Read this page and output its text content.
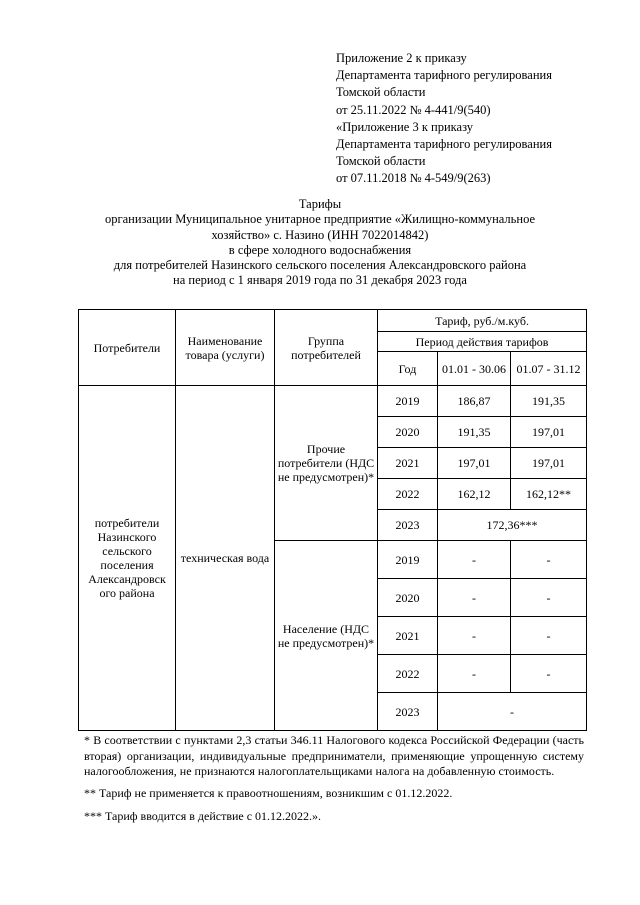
Приложение 2 к приказу
Департамента тарифного регулирования
Томской области
от 25.11.2022 № 4-441/9(540)
«Приложение 3 к приказу
Департамента тарифного регулирования
Томской области
от 07.11.2018 № 4-549/9(263)
Тарифы
организации Муниципальное унитарное предприятие «Жилищно-коммунальное
хозяйство» с. Назино (ИНН 7022014842)
в сфере холодного водоснабжения
для потребителей Назинского сельского поселения Александровского района
на период с 1 января 2019 года по 31 декабря 2023 года
Потребители	Наименование товара (услуги)	Группа потребителей	Тариф, руб./м.куб.		
			Период действия тарифов		
			Год	01.01 - 30.06	01.07 - 31.12
потребители Назинского сельского поселения Александровск ого района	техническая вода	Прочие потребители (НДС не предусмотрен)*	2019	186,87	191,35
			2020	191,35	197,01
			2021	197,01	197,01
			2022	162,12	162,12**
			2023	172,36***	
		Население (НДС не предусмотрен)*	2019	-	-
			2020	-	-
			2021	-	-
			2022	-	-
			2023	-	

* В соответствии с пунктами 2,3 статьи 346.11 Налогового кодекса Российской Федерации (часть вторая) организации, индивидуальные предприниматели, применяющие упрощенную систему налогообложения, не признаются налогоплательщиками налога на добавленную стоимость.

** Тариф не применяется к правоотношениям, возникшим с 01.12.2022.

*** Тариф вводится в действие с 01.12.2022.».
